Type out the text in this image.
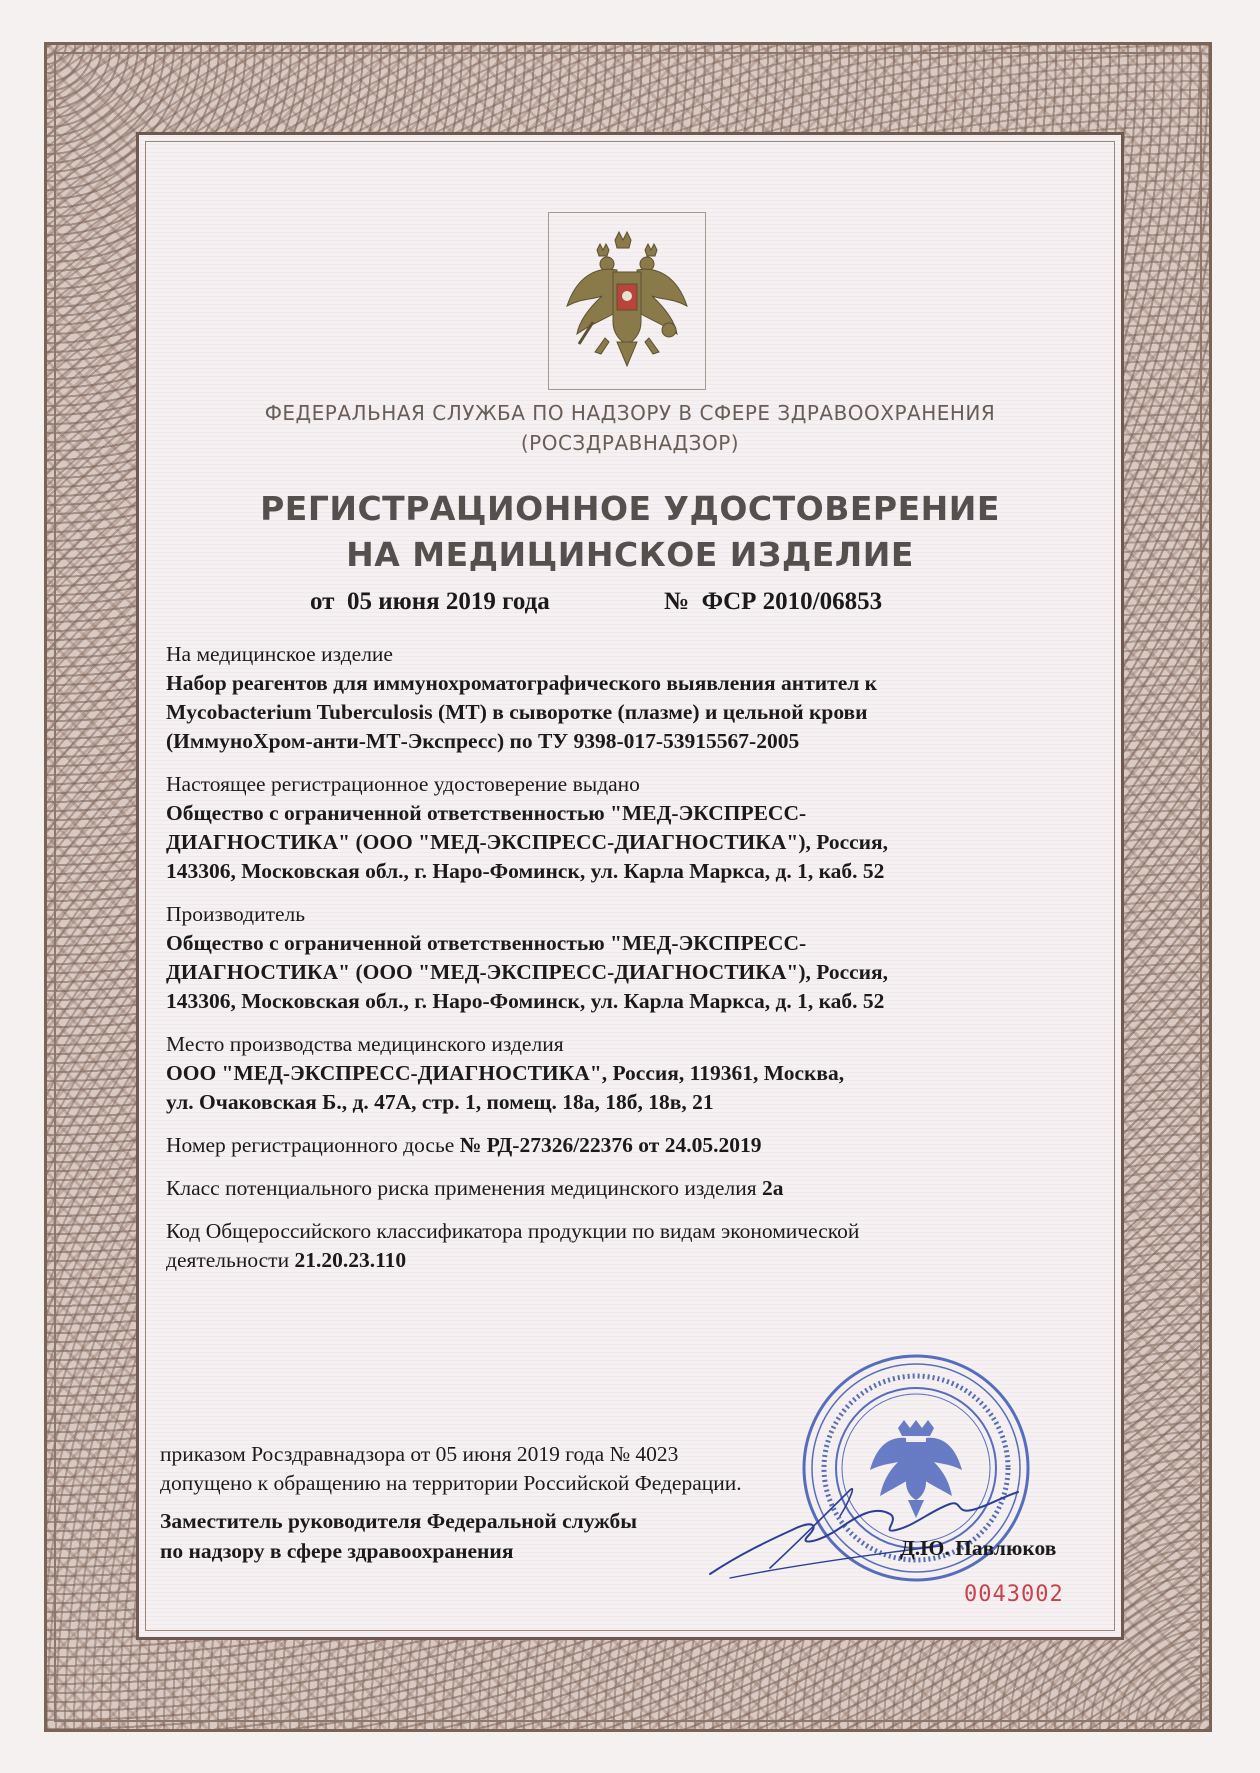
ФЕДЕРАЛЬНАЯ СЛУЖБА ПО НАДЗОРУ В СФЕРЕ ЗДРАВООХРАНЕНИЯ
(РОСЗДРАВНАДЗОР)
РЕГИСТРАЦИОННОЕ УДОСТОВЕРЕНИЕ
НА МЕДИЦИНСКОЕ ИЗДЕЛИЕ
от  05 июня 2019 года	№  ФСР 2010/06853
На медицинское изделие
Набор реагентов для иммунохроматографического выявления антител к
Mycobacterium Tuberculosis (МТ) в сыворотке (плазме) и цельной крови
(ИммуноХром-анти-МТ-Экспресс) по ТУ 9398-017-53915567-2005
Настоящее регистрационное удостоверение выдано
Общество с ограниченной ответственностью "МЕД-ЭКСПРЕСС-
ДИАГНОСТИКА" (ООО "МЕД-ЭКСПРЕСС-ДИАГНОСТИКА"), Россия,
143306, Московская обл., г. Наро-Фоминск, ул. Карла Маркса, д. 1, каб. 52
Производитель
Общество с ограниченной ответственностью "МЕД-ЭКСПРЕСС-
ДИАГНОСТИКА" (ООО "МЕД-ЭКСПРЕСС-ДИАГНОСТИКА"), Россия,
143306, Московская обл., г. Наро-Фоминск, ул. Карла Маркса, д. 1, каб. 52
Место производства медицинского изделия
ООО "МЕД-ЭКСПРЕСС-ДИАГНОСТИКА", Россия, 119361, Москва,
ул. Очаковская Б., д. 47А, стр. 1, помещ. 18а, 18б, 18в, 21
Номер регистрационного досье № РД-27326/22376 от 24.05.2019
Класс потенциального риска применения медицинского изделия 2а
Код Общероссийского классификатора продукции по видам экономической
деятельности 21.20.23.110
приказом Росздравнадзора от 05 июня 2019 года № 4023
допущено к обращению на территории Российской Федерации.
Заместитель руководителя Федеральной службы
по надзору в сфере здравоохранения	Д.Ю. Павлюков
0043002
